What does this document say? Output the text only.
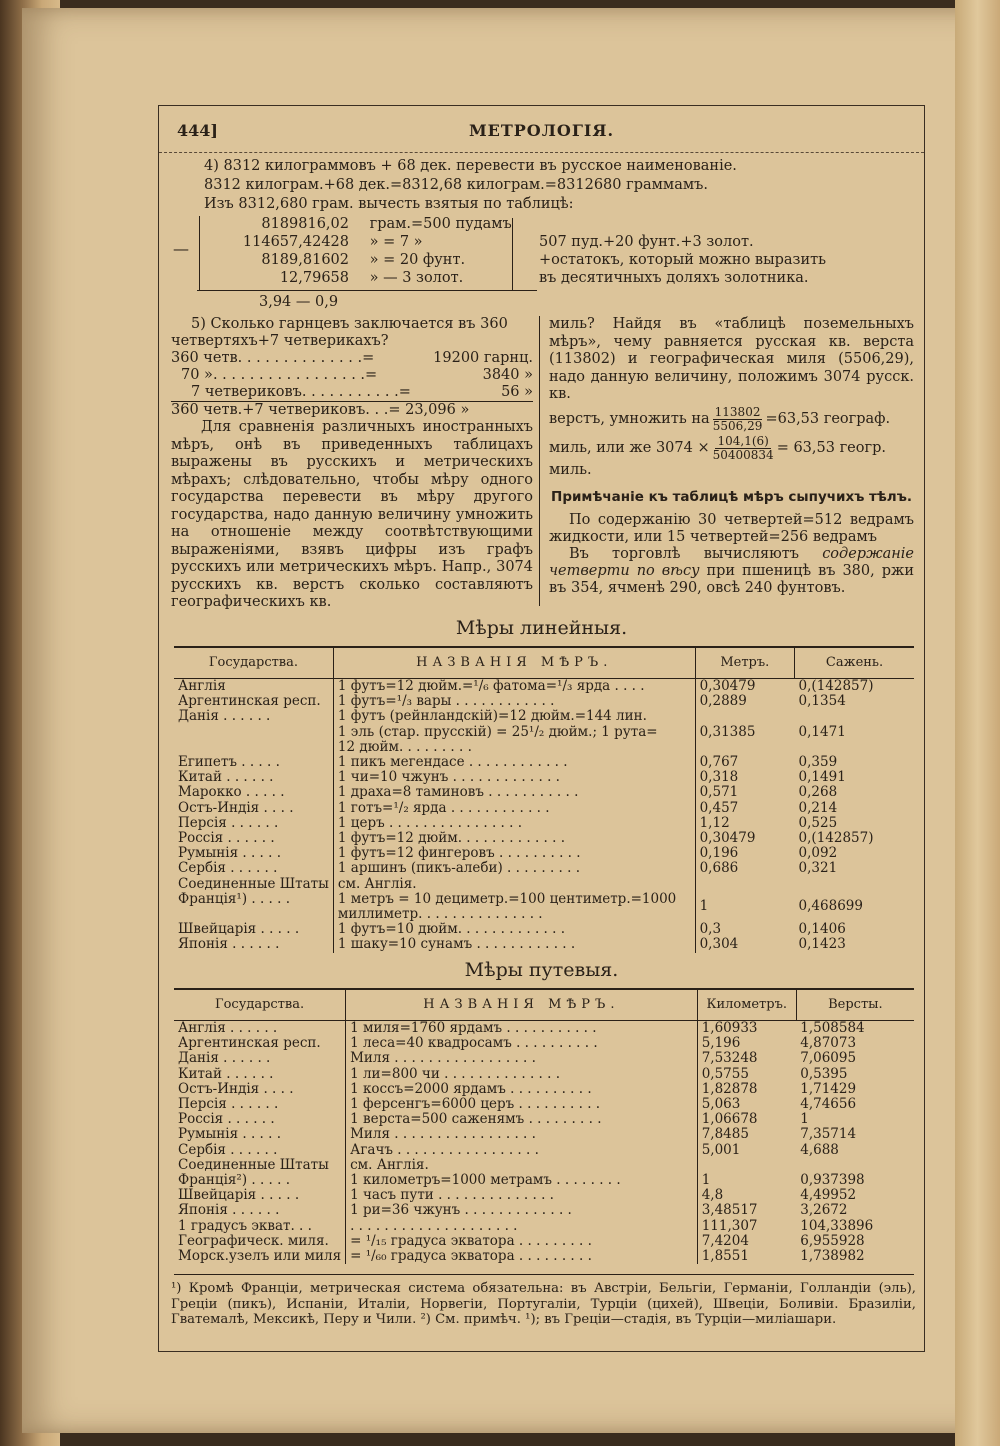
444]	МЕТРОЛОГІЯ.
4) 8312 килограммовъ + 68 дек. перевести въ русское наименованіе.
8312 килограм.+68 дек.=8312,68 килограм.=8312680 граммамъ.
Изъ 8312,680 грам. вычесть взятыя по таблицѣ:
—
8189816,02 грам.=500 пудамъ
114657,42428 » = 7 »
8189,81602 » = 20 фунт.
12,79658 » — 3 золот.
3,94 — 0,9
507 пуд.+20 фунт.+3 золот.
+остатокъ, который можно выразить
въ десятичныхъ доляхъ золотника.
5) Сколько гарнцевъ заключается въ 360
четвертяхъ+7 четверикахъ?
360 четв . . . . . . . . . . . . . .=	19200 гарнц.
70 » . . . . . . . . . . . . . . . . .=	3840 »
7 четвериковъ . . . . . . . . . . .=	56 »
360 четв.+7 четвериковъ. . .= 23,096 »

Для сравненія различныхъ иностранныхъ мѣръ, онѣ въ приведенныхъ таблицахъ выражены въ русскихъ и метрическихъ мѣрахъ; слѣдовательно, чтобы мѣру одного государства перевести въ мѣру другого государства, надо данную величину умножить на отношеніе между соотвѣтствующими выраженіями, взявъ цифры изъ графъ русскихъ или метрическихъ мѣръ. Напр., 3074 русскихъ кв. верстъ сколько составляютъ географическихъ кв.

миль? Найдя въ «таблицѣ поземельныхъ мѣръ», чему равняется русская кв. верста (113802) и географическая миля (5506,29), надо данную величину, положимъ 3074 русск. кв.

верстъ, умножить на $\frac{113802}{5506,29} =63,53$ географ.
миль, или же $3074 \times \frac{104,1(6)}{50400834} = 63,53$ геогр.
миль.
Примѣчаніе къ таблицѣ мѣръ сыпучихъ тѣлъ.

По содержанію 30 четвертей=512 ведрамъ жидкости, или 15 четвертей=256 ведрамъ

Въ торговлѣ вычисляютъ содержаніе четверти по вѣсу при пшеницѣ въ 380, ржи въ 354, ячменѣ 290, овсѣ 240 фунтовъ.

Мѣры линейныя.
Государства.	НАЗВАНІЯ МѢРЪ.	Метръ.	Сажень.
Англія	1 футъ=12 дюйм.=¹/₆ фатома=¹/₃ ярда . . . .	0,30479	0,(142857)
Аргентинская респ.	1 футъ=¹/₃ вары . . . . . . . . . . . .	0,2889	0,1354
Данія . . . . . .	1 футъ (рейнландскій)=12 дюйм.=144 лин.
1 эль (стар. прусскій) = 25¹/₂ дюйм.; 1 рута=
12 дюйм. . . . . . . . .	0,31385	0,1471
Египетъ . . . . .	1 пикъ мегендасе . . . . . . . . . . . .	0,767	0,359
Китай . . . . . .	1 чи=10 чжунъ . . . . . . . . . . . . .	0,318	0,1491
Марокко . . . . .	1 драха=8 таминовъ . . . . . . . . . . .	0,571	0,268
Остъ-Индія . . . .	1 готъ=¹/₂ ярда . . . . . . . . . . . .	0,457	0,214
Персія . . . . . .	1 церъ . . . . . . . . . . . . . . . .	1,12	0,525
Россія . . . . . .	1 футъ=12 дюйм. . . . . . . . . . . . .	0,30479	0,(142857)
Румынія . . . . .	1 футъ=12 фингеровъ . . . . . . . . . .	0,196	0,092
Сербія . . . . . .	1 аршинъ (пикъ-алеби) . . . . . . . . .	0,686	0,321
Соединенные Штаты	см. Англія.		
Франція¹) . . . . .	1 метръ = 10 дециметр.=100 центиметр.=1000
миллиметр. . . . . . . . . . . . . . .	1	0,468699
Швейцарія . . . . .	1 футъ=10 дюйм. . . . . . . . . . . . .	0,3	0,1406
Японія . . . . . .	1 шаку=10 сунамъ . . . . . . . . . . . .	0,304	0,1423
Мѣры путевыя.
Государства.	НАЗВАНІЯ МѢРЪ.	Километръ.	Версты.
Англія . . . . . .	1 миля=1760 ярдамъ . . . . . . . . . . .	1,60933	1,508584
Аргентинская респ.	1 леса=40 квадросамъ . . . . . . . . . .	5,196	4,87073
Данія . . . . . .	Миля . . . . . . . . . . . . . . . . .	7,53248	7,06095
Китай . . . . . .	1 ли=800 чи . . . . . . . . . . . . . .	0,5755	0,5395
Остъ-Индія . . . .	1 коссъ=2000 ярдамъ . . . . . . . . . .	1,82878	1,71429
Персія . . . . . .	1 ферсенгъ=6000 церъ . . . . . . . . . .	5,063	4,74656
Россія . . . . . .	1 верста=500 саженямъ . . . . . . . . .	1,06678	1
Румынія . . . . .	Миля . . . . . . . . . . . . . . . . .	7,8485	7,35714
Сербія . . . . . .	Агачъ . . . . . . . . . . . . . . . . .	5,001	4,688
Соединенные Штаты	см. Англія.		
Франція²) . . . . .	1 километръ=1000 метрамъ . . . . . . . .	1	0,937398
Швейцарія . . . . .	1 часъ пути . . . . . . . . . . . . . .	4,8	4,49952
Японія . . . . . .	1 ри=36 чжунъ . . . . . . . . . . . . .	3,48517	3,2672
1 градусъ экват. . .	. . . . . . . . . . . . . . . . . . . .	111,307	104,33896
Географическ. миля.	= ¹/₁₅ градуса экватора . . . . . . . . .	7,4204	6,955928
Морск.узелъ или миля	= ¹/₆₀ градуса экватора . . . . . . . . .	1,8551	1,738982
¹) Кромѣ Франціи, метрическая система обязательна: въ Австріи, Бельгіи, Германіи, Голландіи (эль), Греціи (пикъ), Испаніи, Италіи, Норвегіи, Португаліи, Турціи (цихей), Швеціи, Боливіи. Бразиліи, Гватемалѣ, Мексикѣ, Перу и Чили. ²) См. примѣч. ¹); въ Греціи—стадія, въ Турціи—миліашари.
